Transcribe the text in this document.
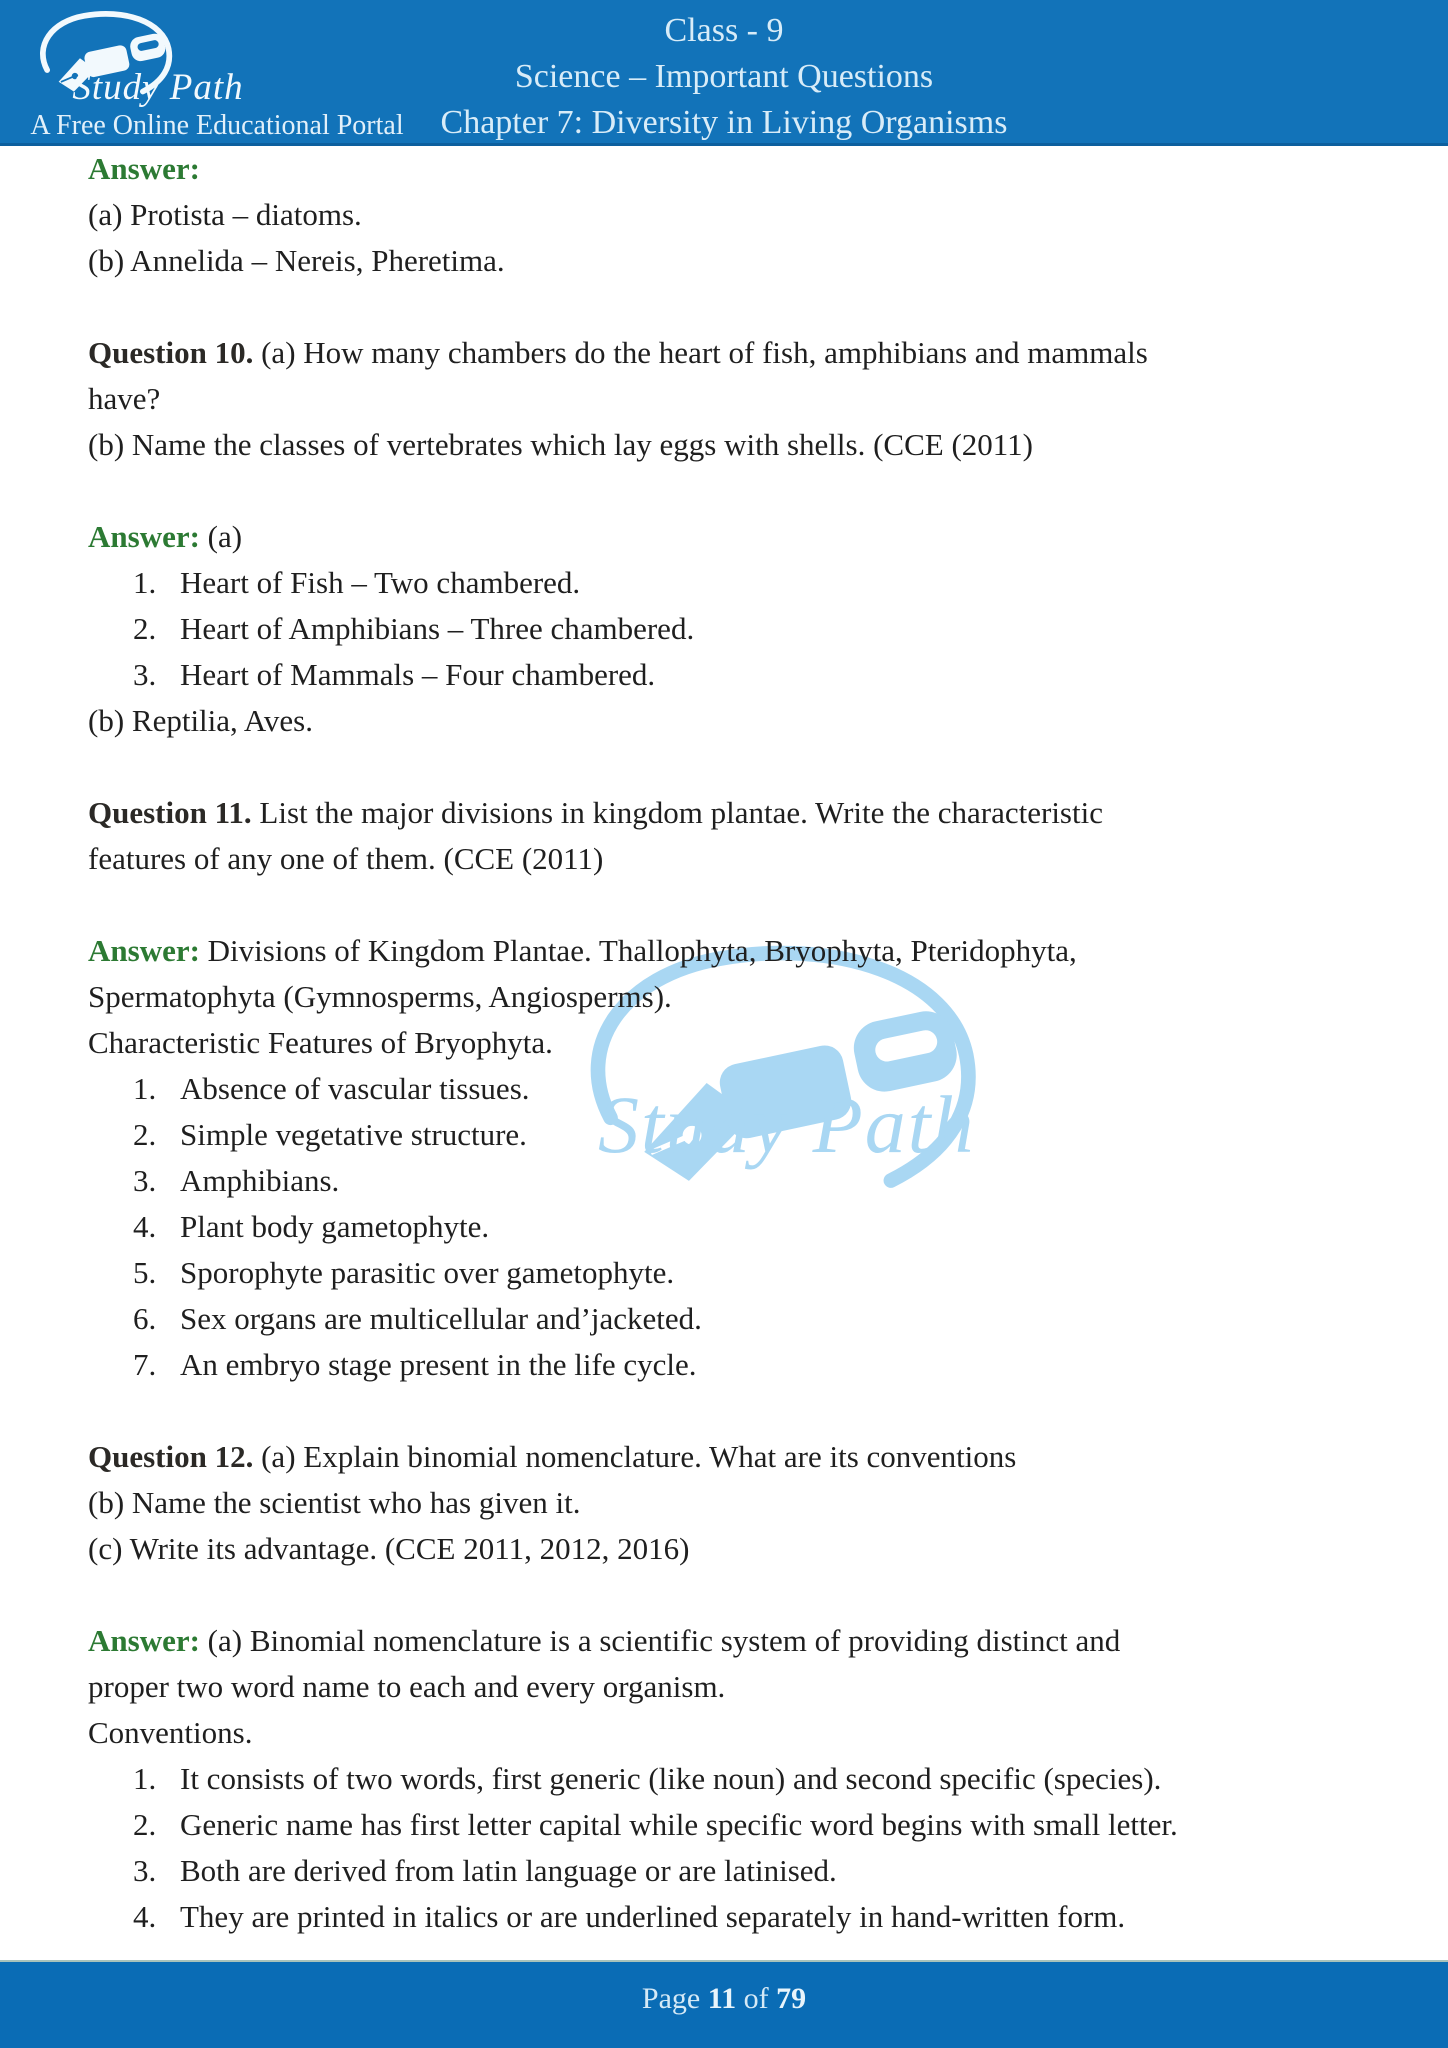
Study Path
Study Path
A Free Online Educational Portal
Class - 9
Science – Important Questions
Chapter 7: Diversity in Living Organisms

Answer:

(a) Protista – diatoms.

(b) Annelida – Nereis, Pheretima.

Question 10. (a) How many chambers do the heart of fish, amphibians and mammals

have?

(b) Name the classes of vertebrates which lay eggs with shells. (CCE (2011)

Answer: (a)

Heart of Fish – Two chambered.
Heart of Amphibians – Three chambered.
Heart of Mammals – Four chambered.

(b) Reptilia, Aves.

Question 11. List the major divisions in kingdom plantae. Write the characteristic

features of any one of them. (CCE (2011)

Answer: Divisions of Kingdom Plantae. Thallophyta, Bryophyta, Pteridophyta,

Spermatophyta (Gymnosperms, Angiosperms).

Characteristic Features of Bryophyta.

Absence of vascular tissues.
Simple vegetative structure.
Amphibians.
Plant body gametophyte.
Sporophyte parasitic over gametophyte.
Sex organs are multicellular and’jacketed.
An embryo stage present in the life cycle.

Question 12. (a) Explain binomial nomenclature. What are its conventions

(b) Name the scientist who has given it.

(c) Write its advantage. (CCE 2011, 2012, 2016)

Answer: (a) Binomial nomenclature is a scientific system of providing distinct and

proper two word name to each and every organism.

Conventions.

It consists of two words, first generic (like noun) and second specific (species).
Generic name has first letter capital while specific word begins with small letter.
Both are derived from latin language or are latinised.
They are printed in italics or are underlined separately in hand-written form.
Page 11 of 79
